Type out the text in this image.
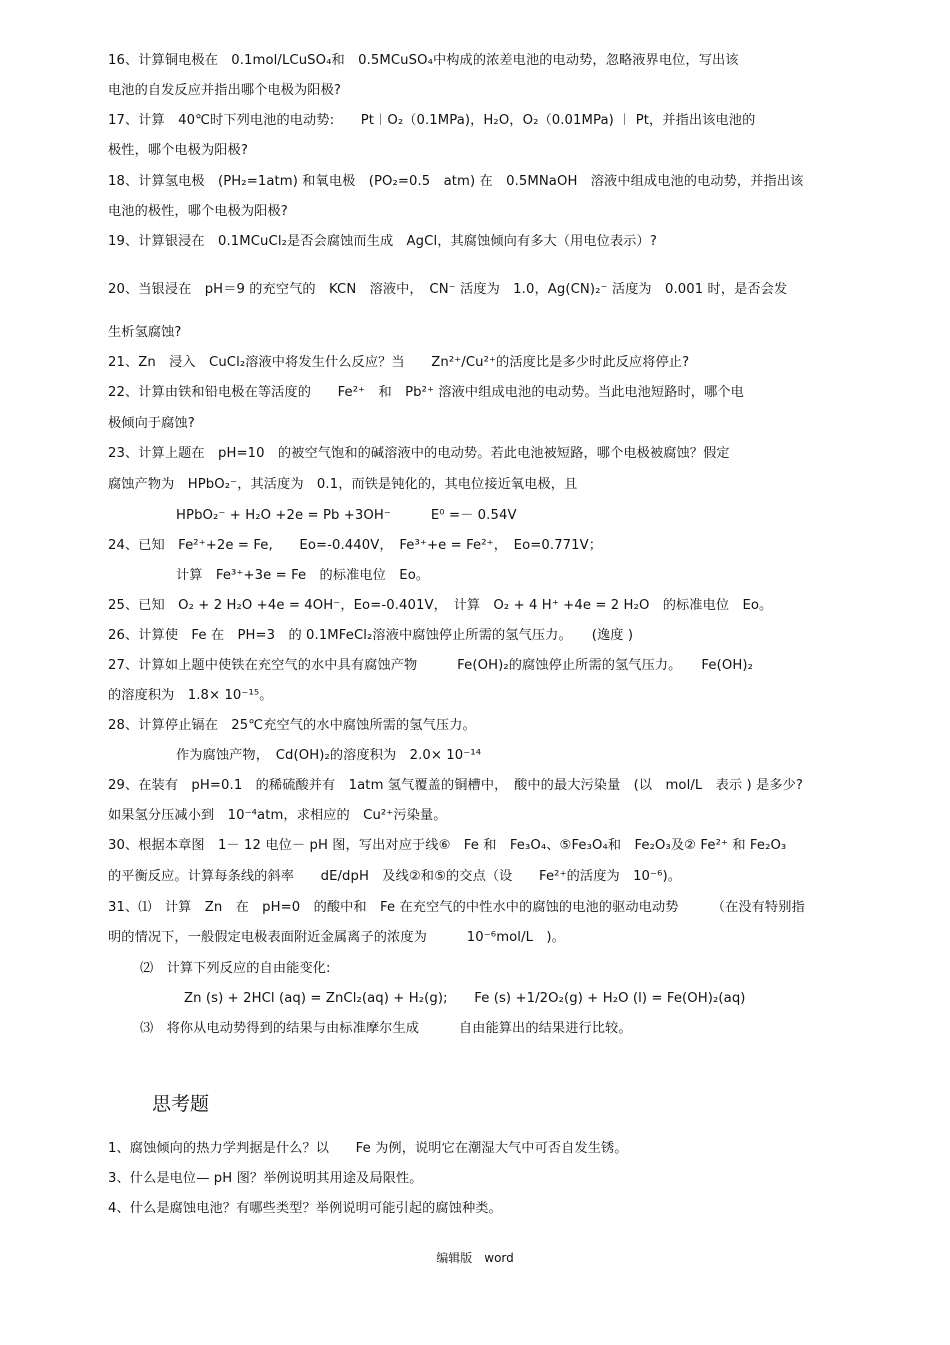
16、计算铜电极在　0.1mol/LCuSO₄和　0.5MCuSO₄中构成的浓差电池的电动势，忽略液界电位，写出该
电池的自发反应并指出哪个电极为阳极?
17、计算　40℃时下列电池的电动势:　　Pt︱O₂（0.1MPa)，H₂O，O₂（0.01MPa) ︱ Pt，并指出该电池的
极性，哪个电极为阳极?
18、计算氢电极　(PH₂=1atm) 和氧电极　(PO₂=0.5　atm) 在　0.5MNaOH　溶液中组成电池的电动势，并指出该
电池的极性，哪个电极为阳极?
19、计算银浸在　0.1MCuCl₂是否会腐蚀而生成　AgCl，其腐蚀倾向有多大（用电位表示）?
20、当银浸在　pH＝9 的充空气的　KCN　溶液中，　CN⁻ 活度为　1.0，Ag(CN)₂⁻ 活度为　0.001 时，是否会发
生析氢腐蚀?
21、Zn　浸入　CuCl₂溶液中将发生什么反应？当　　Zn²⁺/Cu²⁺的活度比是多少时此反应将停止?
22、计算由铁和铅电极在等活度的　　Fe²⁺　和　Pb²⁺ 溶液中组成电池的电动势。当此电池短路时，哪个电
极倾向于腐蚀?
23、计算上题在　pH=10　的被空气饱和的碱溶液中的电动势。若此电池被短路，哪个电极被腐蚀？假定
腐蚀产物为　HPbO₂⁻，其活度为　0.1，而铁是钝化的，其电位接近氧电极，且
HPbO₂⁻ + H₂O +2e = Pb +3OH⁻　　　E⁰ =－ 0.54V
24、已知　Fe²⁺+2e = Fe,　　Eo=-0.440V，　Fe³⁺+e = Fe²⁺，　Eo=0.771V；
计算　Fe³⁺+3e = Fe　的标准电位　Eo。
25、已知　O₂ + 2 H₂O +4e = 4OH⁻，Eo=-0.401V，　计算　O₂ + 4 H⁺ +4e = 2 H₂O　的标准电位　Eo。
26、计算使　Fe 在　PH=3　的 0.1MFeCl₂溶液中腐蚀停止所需的氢气压力。　　(逸度 )
27、计算如上题中使铁在充空气的水中具有腐蚀产物　　　Fe(OH)₂的腐蚀停止所需的氢气压力。　　Fe(OH)₂
的溶度积为　1.8× 10⁻¹⁵。
28、计算停止镉在　25℃充空气的水中腐蚀所需的氢气压力。
作为腐蚀产物，　Cd(OH)₂的溶度积为　2.0× 10⁻¹⁴
29、在装有　pH=0.1　的稀硫酸并有　1atm 氢气覆盖的铜槽中，　酸中的最大污染量　(以　mol/L　表示 ) 是多少?
如果氢分压减小到　10⁻⁴atm，求相应的　Cu²⁺污染量。
30、根据本章图　1－ 12 电位－ pH 图，写出对应于线⑥　Fe 和　Fe₃O₄、⑤Fe₃O₄和　Fe₂O₃及② Fe²⁺ 和 Fe₂O₃
的平衡反应。计算每条线的斜率　　dE/dpH　及线②和⑤的交点（设　　Fe²⁺的活度为　10⁻⁶)。
31、⑴　计算　Zn　在　pH=0　的酸中和　Fe 在充空气的中性水中的腐蚀的电池的驱动电动势　　　（在没有特别指
明的情况下，一般假定电极表面附近金属离子的浓度为　　　10⁻⁶mol/L　)。
⑵　计算下列反应的自由能变化:
Zn (s) + 2HCl (aq) = ZnCl₂(aq) + H₂(g);　　Fe (s) +1/2O₂(g) + H₂O (l) = Fe(OH)₂(aq)
⑶　将你从电动势得到的结果与由标准摩尔生成　　　自由能算出的结果进行比较。
1、腐蚀倾向的热力学判据是什么？以　　Fe 为例，说明它在潮湿大气中可否自发生锈。
3、什么是电位— pH 图？举例说明其用途及局限性。
4、什么是腐蚀电池？有哪些类型？举例说明可能引起的腐蚀种类。
思考题
编辑版　word
